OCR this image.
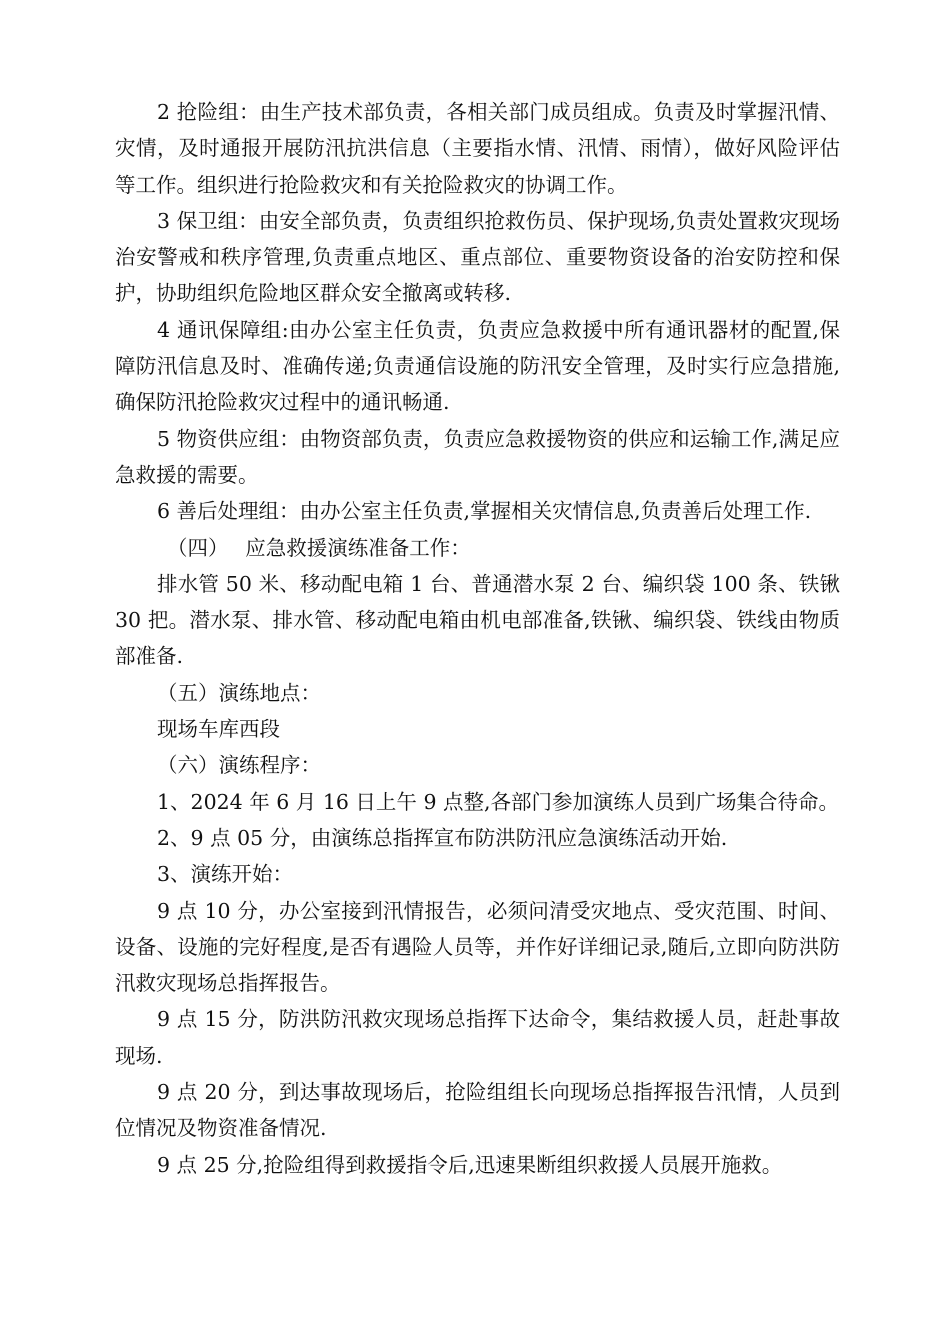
2 抢险组：由生产技术部负责，各相关部门成员组成。负责及时掌握汛情、灾情，及时通报开展防汛抗洪信息（主要指水情、汛情、雨情），做好风险评估等工作。组织进行抢险救灾和有关抢险救灾的协调工作。

3 保卫组：由安全部负责，负责组织抢救伤员、保护现场,负责处置救灾现场治安警戒和秩序管理,负责重点地区、重点部位、重要物资设备的治安防控和保护，协助组织危险地区群众安全撤离或转移.

4 通讯保障组:由办公室主任负责，负责应急救援中所有通讯器材的配置,保障防汛信息及时、准确传递;负责通信设施的防汛安全管理，及时实行应急措施,确保防汛抢险救灾过程中的通讯畅通.

5 物资供应组：由物资部负责，负责应急救援物资的供应和运输工作,满足应急救援的需要。

6 善后处理组：由办公室主任负责,掌握相关灾情信息,负责善后处理工作.

（四）　 应急救援演练准备工作：

排水管 50 米、移动配电箱 1 台、普通潜水泵 2 台、编织袋 100 条、铁锹 30 把。潜水泵、排水管、移动配电箱由机电部准备,铁锹、编织袋、铁线由物质部准备.

（五）演练地点：

现场车库西段

（六）演练程序：

1、2024 年 6 月 16 日上午 9 点整,各部门参加演练人员到广场集合待命。

2、9 点 05 分，由演练总指挥宣布防洪防汛应急演练活动开始.

3、演练开始：

9 点 10 分，办公室接到汛情报告，必须问清受灾地点、受灾范围、时间、设备、设施的完好程度,是否有遇险人员等，并作好详细记录,随后,立即向防洪防汛救灾现场总指挥报告。

9 点 15 分，防洪防汛救灾现场总指挥下达命令，集结救援人员，赶赴事故现场.

9 点 20 分，到达事故现场后，抢险组组长向现场总指挥报告汛情，人员到位情况及物资准备情况.

9 点 25 分,抢险组得到救援指令后,迅速果断组织救援人员展开施救。
